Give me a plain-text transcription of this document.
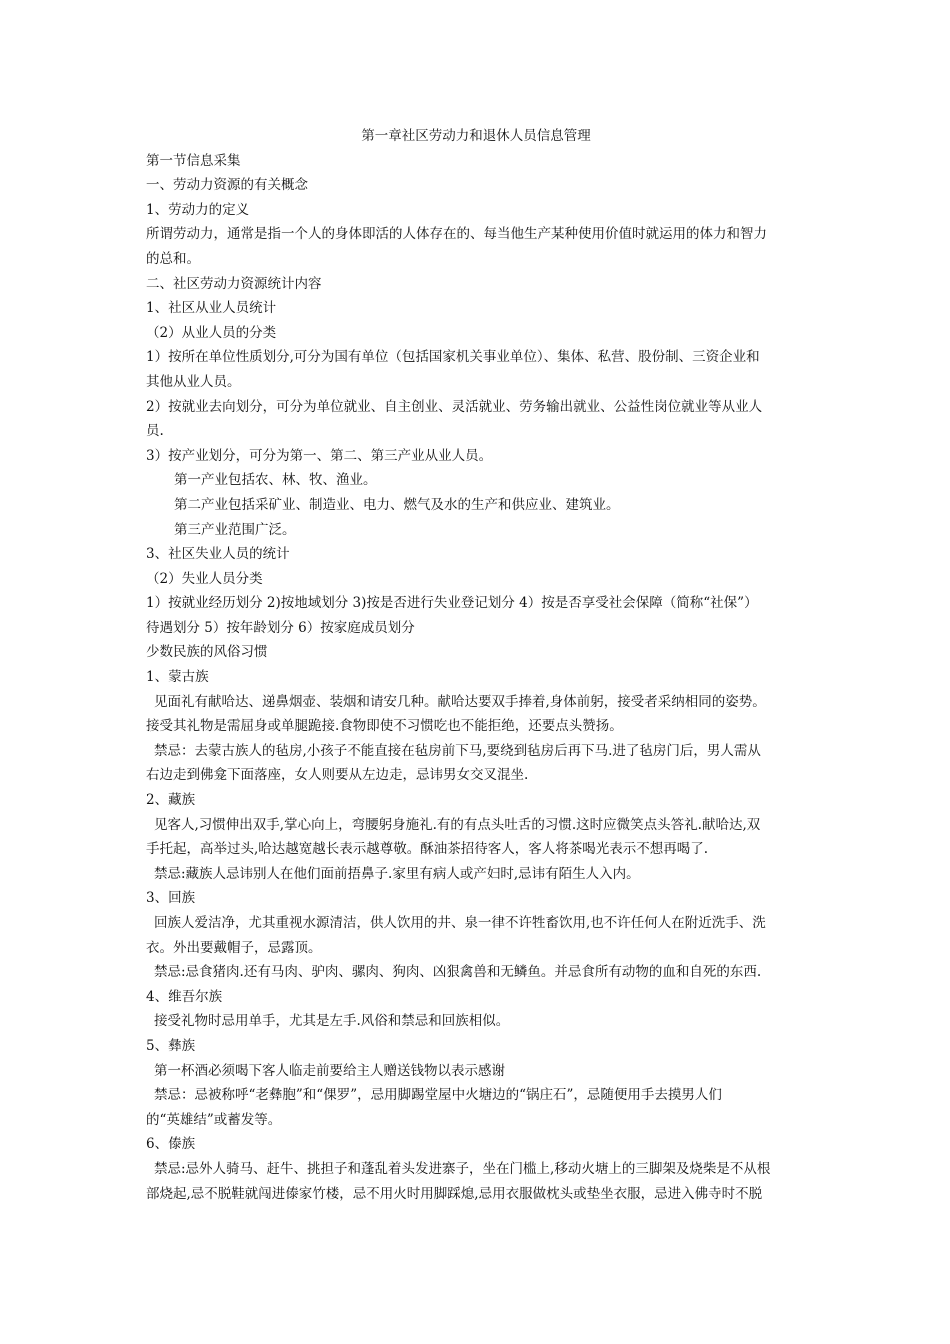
第一章社区劳动力和退休人员信息管理
第一节信息采集
一、劳动力资源的有关概念
1、劳动力的定义
所谓劳动力，通常是指一个人的身体即活的人体存在的、每当他生产某种使用价值时就运用的体力和智力
的总和。
二、社区劳动力资源统计内容
1、社区从业人员统计
（2）从业人员的分类
1）按所在单位性质划分,可分为国有单位（包括国家机关事业单位）、集体、私营、股份制、三资企业和
其他从业人员。
2）按就业去向划分，可分为单位就业、自主创业、灵活就业、劳务输出就业、公益性岗位就业等从业人
员.
3）按产业划分，可分为第一、第二、第三产业从业人员。
第一产业包括农、林、牧、渔业。
第二产业包括采矿业、制造业、电力、燃气及水的生产和供应业、建筑业。
第三产业范围广泛。
3、社区失业人员的统计
（2）失业人员分类
1）按就业经历划分 2)按地域划分 3)按是否进行失业登记划分 4）按是否享受社会保障（简称“社保”）
待遇划分 5）按年龄划分 6）按家庭成员划分
少数民族的风俗习惯
1、蒙古族
见面礼有献哈达、递鼻烟壶、装烟和请安几种。献哈达要双手捧着,身体前躬，接受者采纳相同的姿势。
接受其礼物是需屈身或单腿跪接.食物即使不习惯吃也不能拒绝，还要点头赞扬。
禁忌：去蒙古族人的毡房,小孩子不能直接在毡房前下马,要绕到毡房后再下马.进了毡房门后，男人需从
右边走到佛龛下面落座，女人则要从左边走，忌讳男女交叉混坐.
2、藏族
见客人,习惯伸出双手,掌心向上，弯腰躬身施礼.有的有点头吐舌的习惯.这时应微笑点头答礼.献哈达,双
手托起，高举过头,哈达越宽越长表示越尊敬。酥油茶招待客人，客人将茶喝光表示不想再喝了.
禁忌:藏族人忌讳别人在他们面前捂鼻子.家里有病人或产妇时,忌讳有陌生人入内。
3、回族
回族人爱洁净，尤其重视水源清洁，供人饮用的井、泉一律不许牲畜饮用,也不许任何人在附近洗手、洗
衣。外出要戴帽子，忌露顶。
禁忌:忌食猪肉.还有马肉、驴肉、骡肉、狗肉、凶狠禽兽和无鳞鱼。并忌食所有动物的血和自死的东西.
4、维吾尔族
接受礼物时忌用单手，尤其是左手.风俗和禁忌和回族相似。
5、彝族
第一杯酒必须喝下客人临走前要给主人赠送钱物以表示感谢
禁忌：忌被称呼“老彝胞”和“倮罗”，忌用脚踢堂屋中火塘边的“锅庄石”，忌随便用手去摸男人们
的“英雄结”或蓄发等。
6、傣族
禁忌:忌外人骑马、赶牛、挑担子和蓬乱着头发进寨子，坐在门槛上,移动火塘上的三脚架及烧柴是不从根
部烧起,忌不脱鞋就闯进傣家竹楼，忌不用火时用脚踩熄,忌用衣服做枕头或垫坐衣服，忌进入佛寺时不脱
